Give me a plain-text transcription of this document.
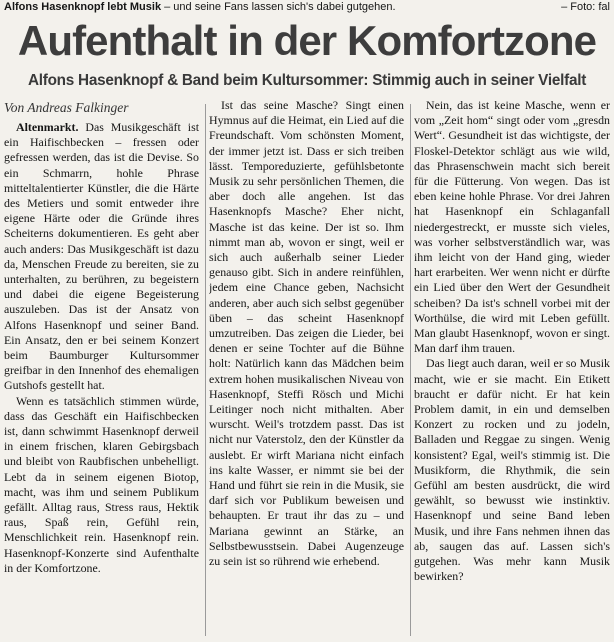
Alfons Hasenknopf lebt Musik – und seine Fans lassen sich's dabei gutgehen.	– Foto: fal
Aufenthalt in der Komfortzone
Alfons Hasenknopf & Band beim Kultursommer: Stimmig auch in seiner Vielfalt
Von Andreas Falkinger

Altenmarkt. Das Musikgeschäft ist ein Haifischbecken – fressen oder gefressen werden, das ist die Devise. So ein Schmarrn, hohle Phrase mitteltalentierter Künstler, die die Härte des Metiers und somit entweder ihre eigene Härte oder die Gründe ihres Scheiterns dokumentieren. Es geht aber auch anders: Das Musikgeschäft ist dazu da, Menschen Freude zu bereiten, sie zu unterhalten, zu berühren, zu begeistern und dabei die eigene Begeisterung auszuleben. Das ist der Ansatz von Alfons Hasenknopf und seiner Band. Ein Ansatz, den er bei seinem Konzert beim Baumburger Kultursommer greifbar in den Innenhof des ehemaligen Gutshofs gestellt hat.

Wenn es tatsächlich stimmen würde, dass das Geschäft ein Haifischbecken ist, dann schwimmt Hasenknopf derweil in einem frischen, klaren Gebirgsbach und bleibt von Raubfischen unbehelligt. Lebt da in seinem eigenen Biotop, macht, was ihm und seinem Publikum gefällt. Alltag raus, Stress raus, Hektik raus, Spaß rein, Gefühl rein, Menschlichkeit rein. Hasenknopf rein. Hasenknopf-Konzerte sind Aufenthalte in der Komfortzone.

Ist das seine Masche? Singt einen Hymnus auf die Heimat, ein Lied auf die Freundschaft. Vom schönsten Moment, der immer jetzt ist. Dass er sich treiben lässt. Temporeduzierte, gefühlsbetonte Musik zu sehr persönlichen Themen, die aber doch alle angehen. Ist das Hasenknopfs Masche? Eher nicht, Masche ist das keine. Der ist so. Ihm nimmt man ab, wovon er singt, weil er sich auch außerhalb seiner Lieder genauso gibt. Sich in andere reinfühlen, jedem eine Chance geben, Nachsicht anderen, aber auch sich selbst gegenüber üben – das scheint Hasenknopf umzutreiben. Das zeigen die Lieder, bei denen er seine Tochter auf die Bühne holt: Natürlich kann das Mädchen beim extrem hohen musikalischen Niveau von Hasenknopf, Steffi Rösch und Michi Leitinger noch nicht mithalten. Aber wurscht. Weil's trotzdem passt. Das ist nicht nur Vaterstolz, den der Künstler da auslebt. Er wirft Mariana nicht einfach ins kalte Wasser, er nimmt sie bei der Hand und führt sie rein in die Musik, sie darf sich vor Publikum beweisen und behaupten. Er traut ihr das zu – und Mariana gewinnt an Stärke, an Selbstbewusstsein. Dabei Augenzeuge zu sein ist so rührend wie erhebend.

Nein, das ist keine Masche, wenn er vom „Zeit hom“ singt oder vom „gresdn Wert“. Gesundheit ist das wichtigste, der Floskel-Detektor schlägt aus wie wild, das Phrasenschwein macht sich bereit für die Fütterung. Von wegen. Das ist eben keine hohle Phrase. Vor drei Jahren hat Hasenknopf ein Schlaganfall niedergestreckt, er musste sich vieles, was vorher selbstverständlich war, was ihm leicht von der Hand ging, wieder hart erarbeiten. Wer wenn nicht er dürfte ein Lied über den Wert der Gesundheit scheiben? Da ist's schnell vorbei mit der Worthülse, die wird mit Leben gefüllt. Man glaubt Hasenknopf, wovon er singt. Man darf ihm trauen.

Das liegt auch daran, weil er so Musik macht, wie er sie macht. Ein Etikett braucht er dafür nicht. Er hat kein Problem damit, in ein und demselben Konzert zu rocken und zu jodeln, Balladen und Reggae zu singen. Wenig konsistent? Egal, weil's stimmig ist. Die Musikform, die Rhythmik, die sein Gefühl am besten ausdrückt, die wird gewählt, so bewusst wie instinktiv. Hasenknopf und seine Band leben Musik, und ihre Fans nehmen ihnen das ab, saugen das auf. Lassen sich's gutgehen. Was mehr kann Musik bewirken?
